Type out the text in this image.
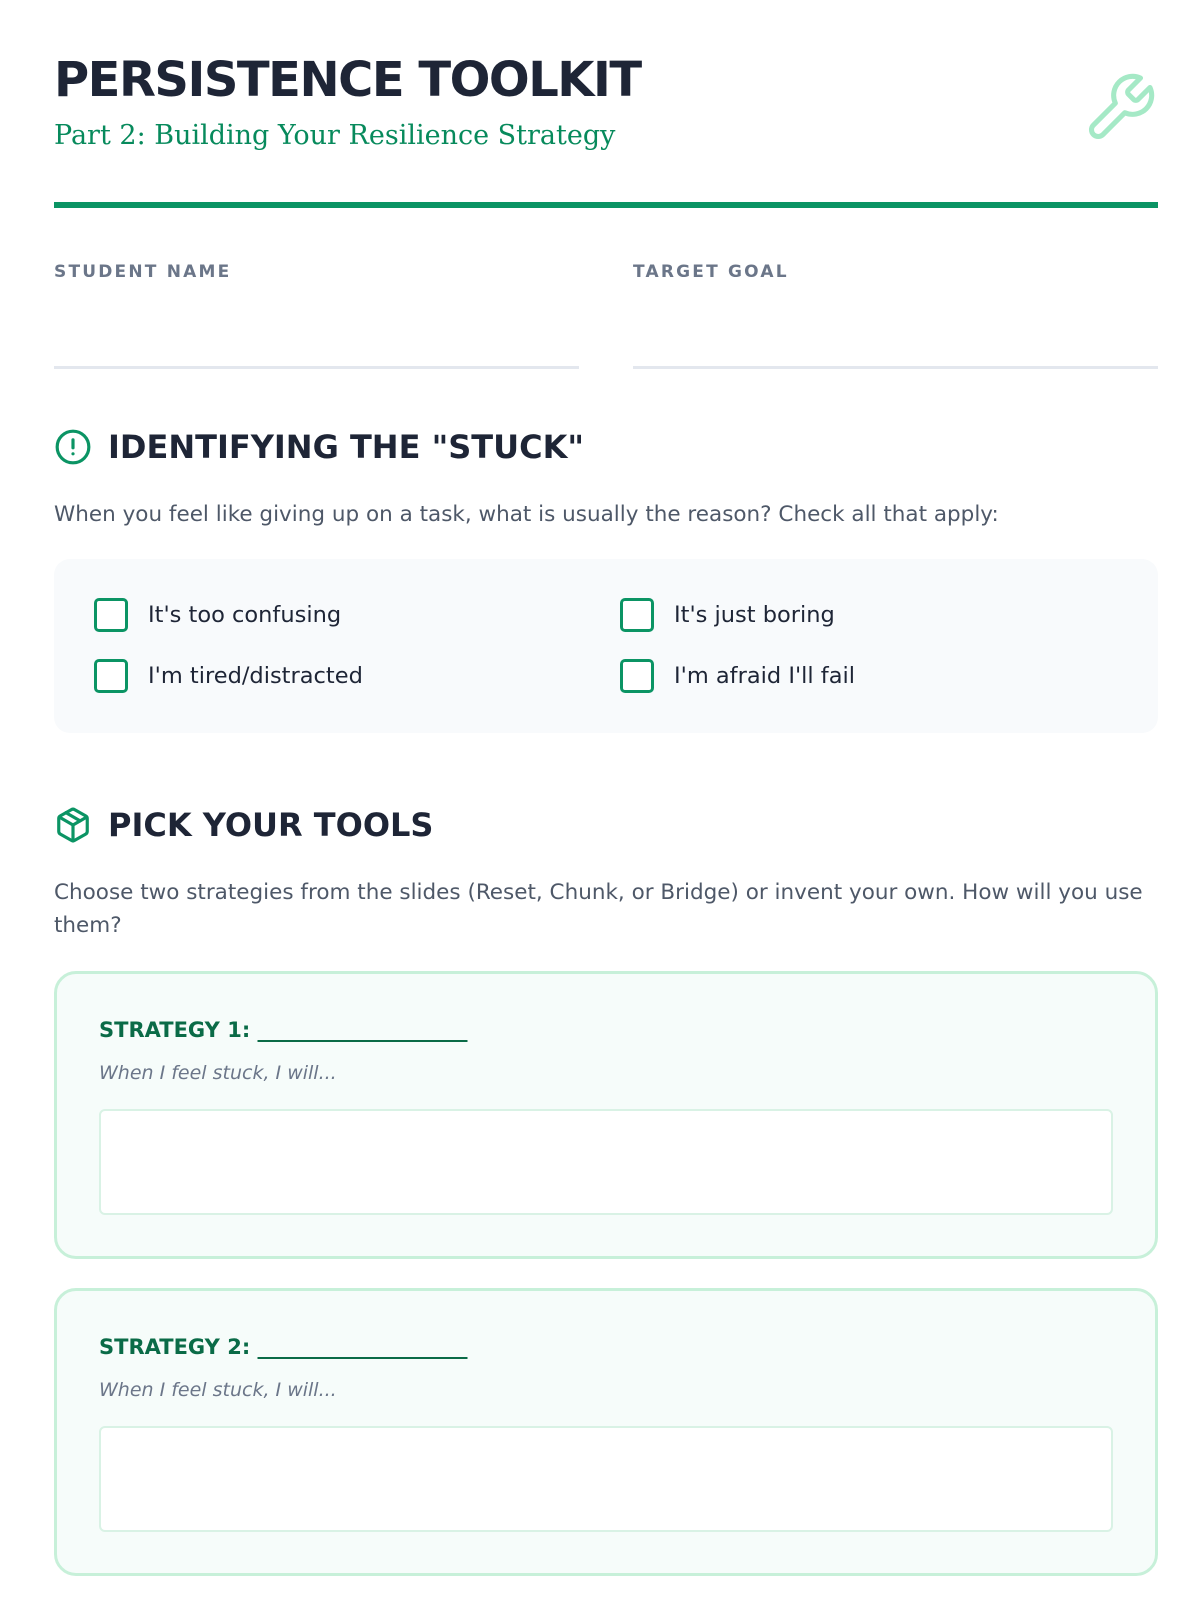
PERSISTENCE TOOLKIT
Part 2: Building Your Resilience Strategy
STUDENT NAME	TARGET GOAL
IDENTIFYING THE "STUCK"

When you feel like giving up on a task, what is usually the reason? Check all that apply:

It's too confusing	It's just boring
I'm tired/distracted	I'm afraid I'll fail
PICK YOUR TOOLS

Choose two strategies from the slides (Reset, Chunk, or Bridge) or invent your own. How will you use them?

STRATEGY 1: ____________________
When I feel stuck, I will...
STRATEGY 2: ____________________
When I feel stuck, I will...
